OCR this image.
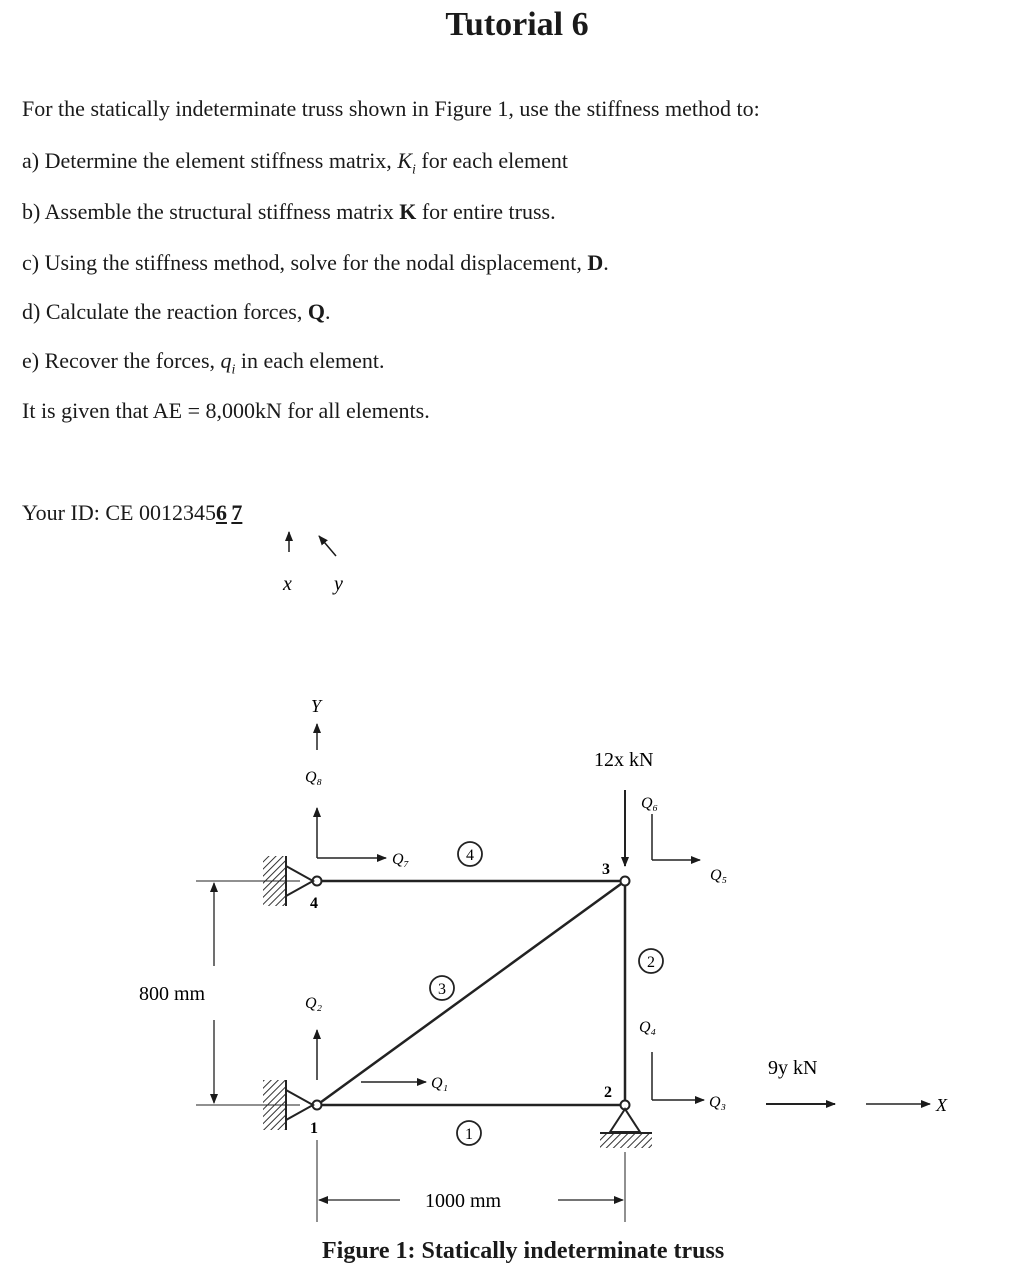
Tutorial 6
For the statically indeterminate truss shown in Figure 1, use the stiffness method to:
a) Determine the element stiffness matrix, $K_i$ for each element
b) Assemble the structural stiffness matrix K for entire truss.
c) Using the stiffness method, solve for the nodal displacement, D.
d) Calculate the reaction forces, Q.
e) Recover the forces, $q_i$ in each element.
It is given that AE = 8,000kN for all elements.
Your ID: CE 00123456  7
x y
4
1
3
2
4
2
3
1
Y
Q₈
Q₇
Q₂
Q₁
12x kN
Q₆
Q₅
Q₄
Q₃
9y kN
X
800 mm
1000 mm
Figure 1: Statically indeterminate truss
